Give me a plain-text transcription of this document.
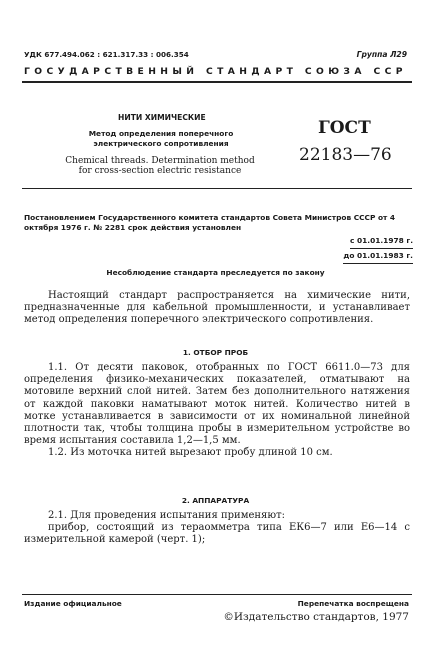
УДК 677.494.062 : 621.317.33 : 006.354	Группа Л29
ГОСУДАРСТВЕННЫЙ СТАНДАРТ СОЮЗА ССР
НИТИ ХИМИЧЕСКИЕ
Метод определения поперечного электрического сопротивления
Chemical threads. Determination method for cross-section electric resistance
ГОСТ
22183—76
Постановлением Государственного комитета стандартов Совета Министров СССР от 4 октября 1976 г. № 2281 срок действия установлен
с 01.01.1978 г.
до 01.01.1983 г.
Несоблюдение стандарта преследуется по закону

Настоящий стандарт распространяется на химические нити, предназначенные для кабельной промышленности, и устанавливает метод определения поперечного электрического сопротивления.

1. ОТБОР ПРОБ

1.1. От десяти паковок, отобранных по ГОСТ 6611.0—73 для определения физико-механических показателей, отматывают на мотовиле верхний слой нитей. Затем без дополнительного натяжения от каждой паковки наматывают моток нитей. Количество нитей в мотке устанавливается в зависимости от их номинальной линейной плотности так, чтобы толщина пробы в измерительном устройстве во время испытания составила 1,2—1,5 мм.

1.2. Из моточка нитей вырезают пробу длиной 10 см.

2. АППАРАТУРА

2.1. Для проведения испытания применяют:

прибор, состоящий из тераомметра типа ЕК6—7 или Е6—14 с измерительной камерой (черт. 1);

Издание официальное	Перепечатка воспрещена
©Издательство стандартов, 1977
